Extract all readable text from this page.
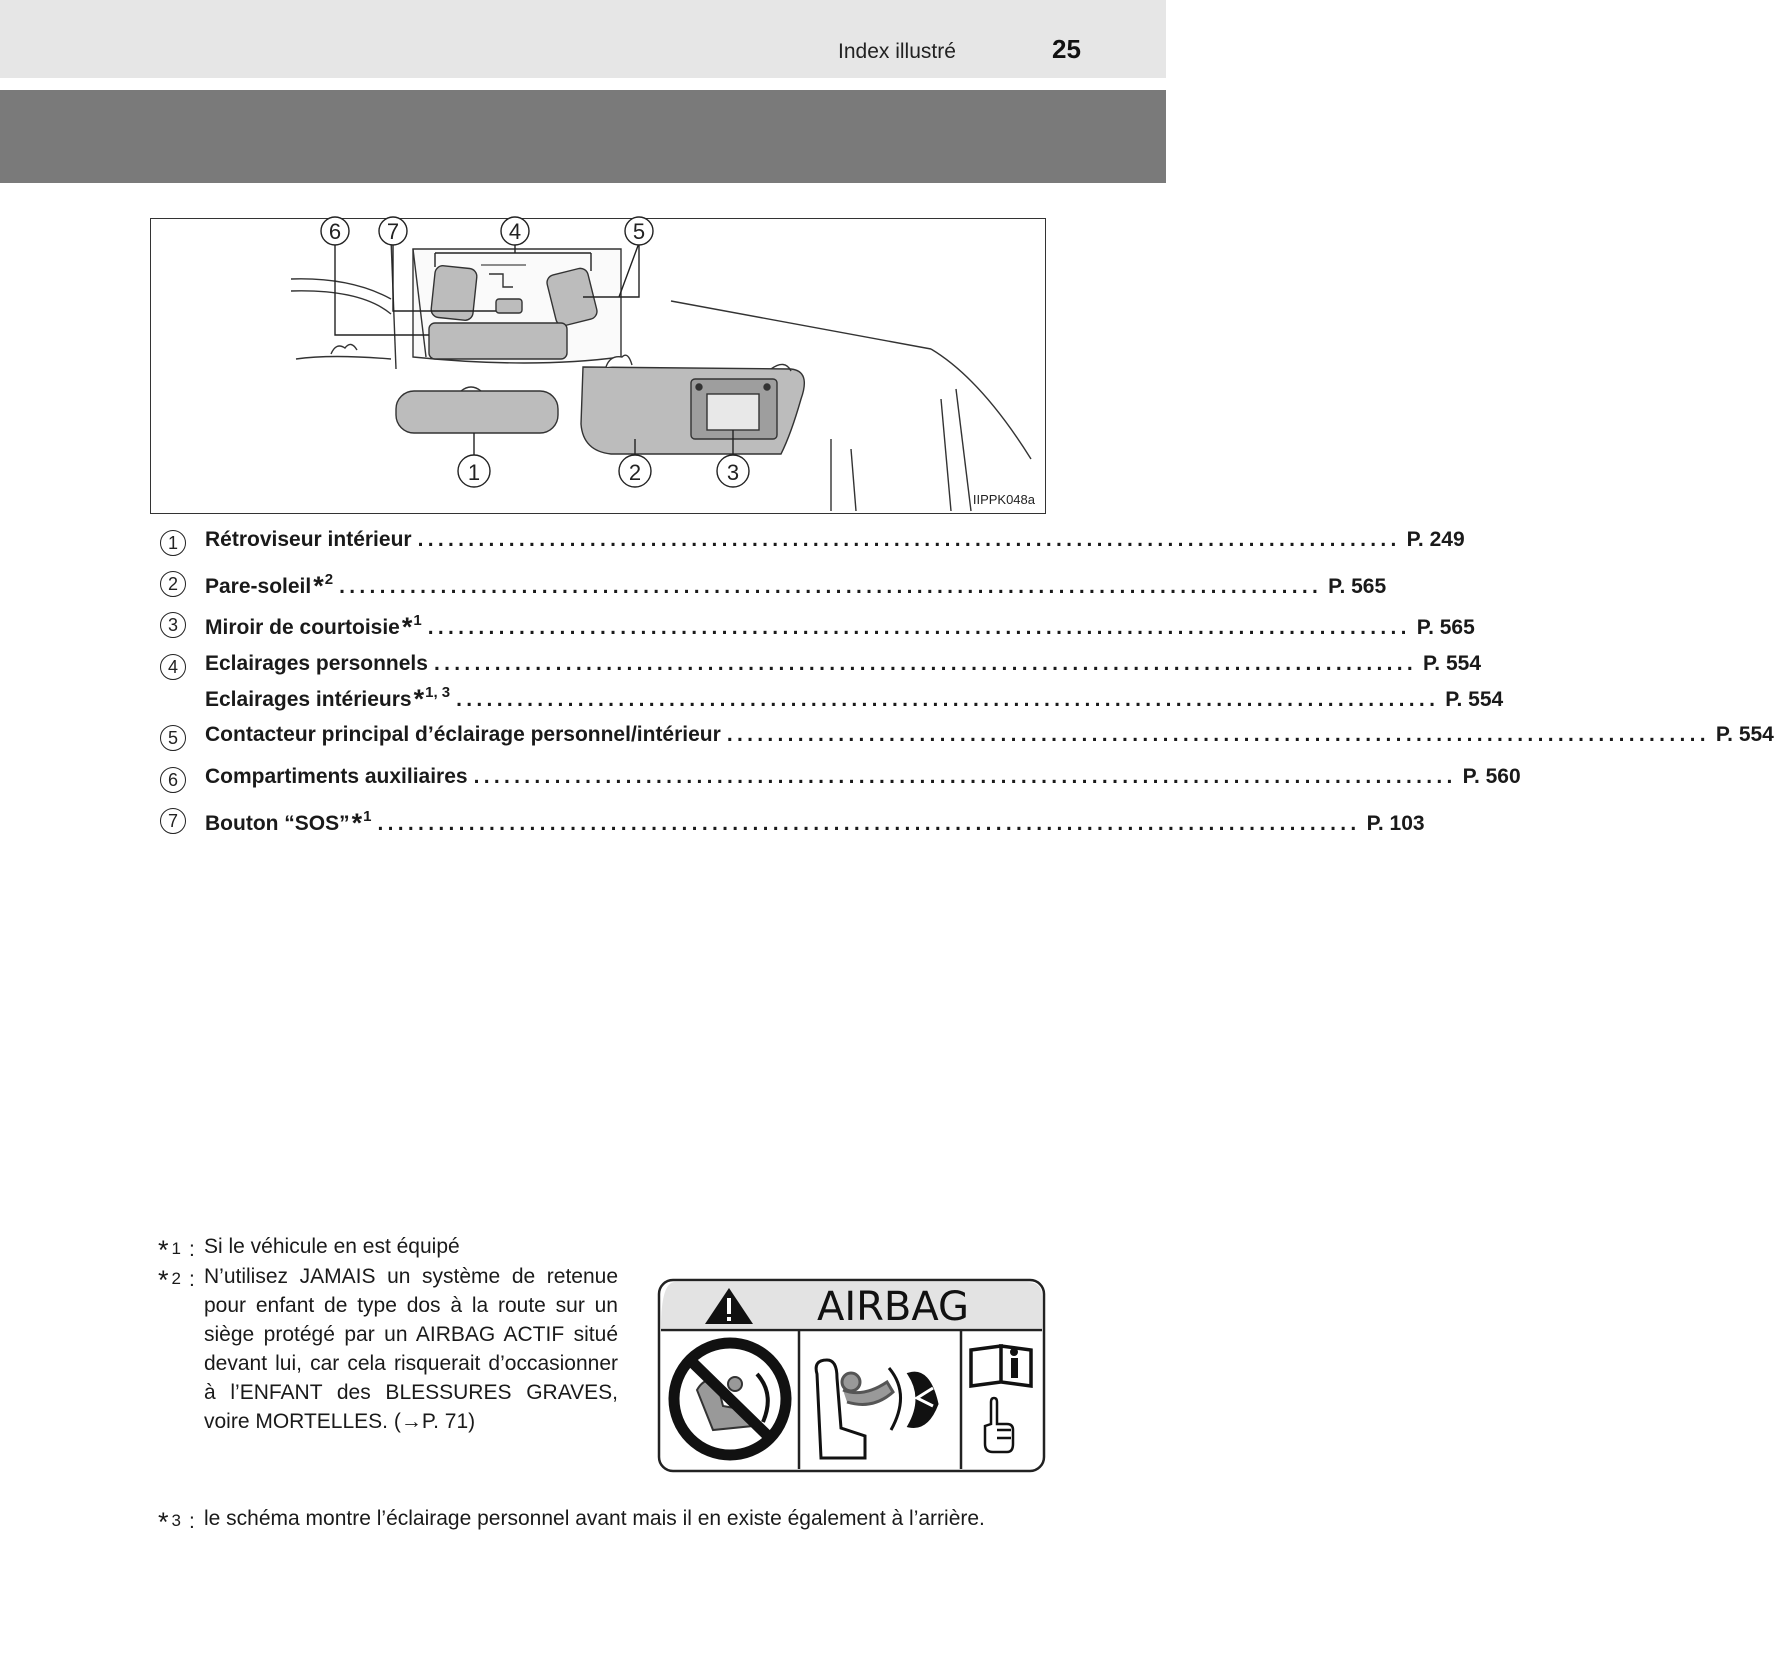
Index illustré	25
6 7	4	5
1	2	3
IIPPK048a
1	Rétroviseur intérieur ................................................................................................. P. 249
2	Pare-soleil*$^2$ ................................................................................................. P. 565
3	Miroir de courtoisie*$^1$ ................................................................................................. P. 565
4	Eclairages personnels ................................................................................................. P. 554
Eclairages intérieurs*$^{1, 3}$ ................................................................................................. P. 554
5	Contacteur principal d’éclairage personnel/intérieur ................................................................................................. P. 554
6	Compartiments auxiliaires ................................................................................................. P. 560
7	Bouton “SOS”*$^1$ ................................................................................................. P. 103
* 1 : Si le véhicule en est équipé
* 2 : N’utilisez JAMAIS un système de retenue pour enfant de type dos à la route sur un siège protégé par un AIRBAG ACTIF situé devant lui, car cela risquerait d’occasionner à l’ENFANT des BLESSURES GRAVES, voire MORTELLES. (→P. 71)
* 3 : le schéma montre l’éclairage personnel avant mais il en existe également à l’arrière.
AIRBAG
